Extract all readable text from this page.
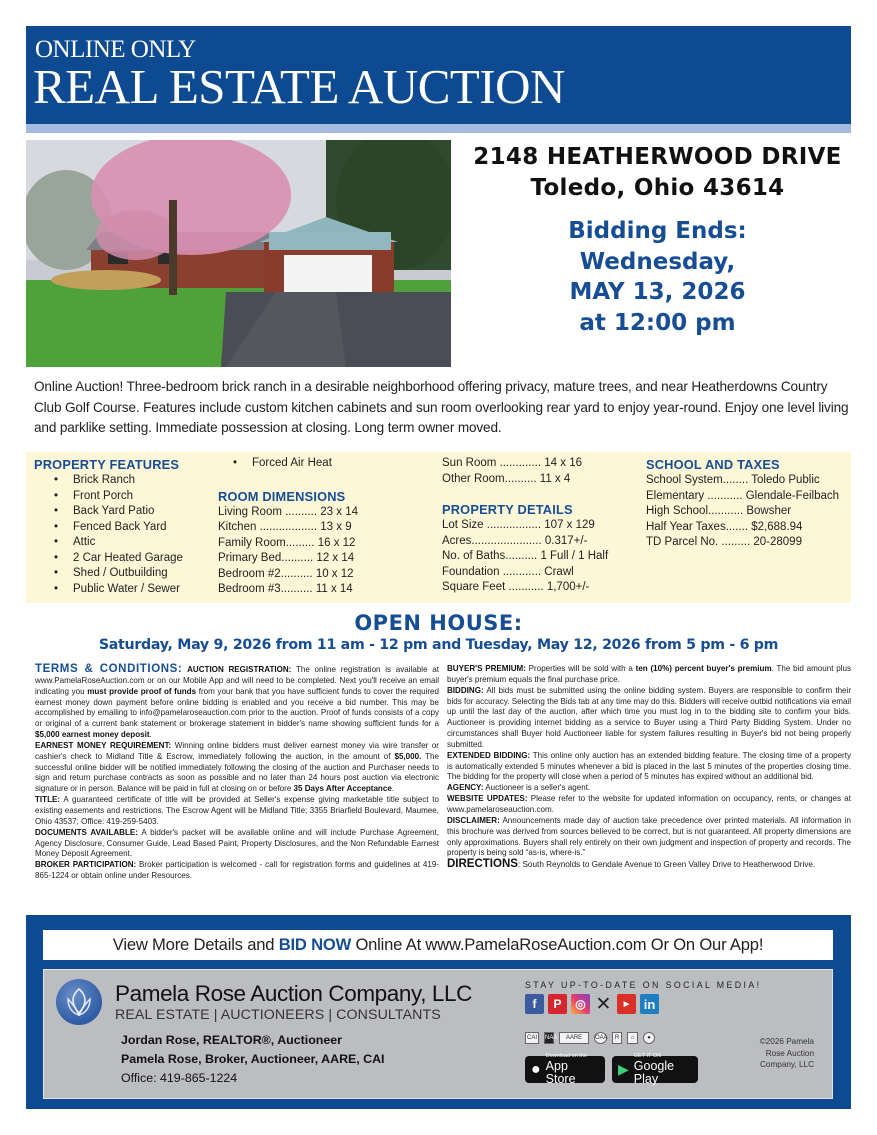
ONLINE ONLY
REAL ESTATE AUCTION
2148 HEATHERWOOD DRIVE
Toledo, Ohio 43614
Bidding Ends:
Wednesday,
MAY 13, 2026
at 12:00 pm
Online Auction! Three-bedroom brick ranch in a desirable neighborhood offering privacy, mature trees, and near Heatherdowns Country Club Golf Course. Features include custom kitchen cabinets and sun room overlooking rear yard to enjoy year-round. Enjoy one level living and parklike setting. Immediate possession at closing. Long term owner moved.
PROPERTY FEATURES
• Brick Ranch
• Front Porch
• Back Yard Patio
• Fenced Back Yard
• Attic
• 2 Car Heated Garage
• Shed / Outbuilding
• Public Water / Sewer
• Forced Air Heat
ROOM DIMENSIONS
Living Room .......... 23 x 14
Kitchen .................. 13 x 9
Family Room......... 16 x 12
Primary Bed.......... 12 x 14
Bedroom #2.......... 10 x 12
Bedroom #3.......... 11 x 14
Sun Room ............. 14 x 16
Other Room.......... 11 x 4
PROPERTY DETAILS
Lot Size ................. 107 x 129
Acres...................... 0.317+/-
No. of Baths.......... 1 Full / 1 Half
Foundation ............ Crawl
Square Feet ........... 1,700+/-
SCHOOL AND TAXES
School System........ Toledo Public
Elementary ........... Glendale-Feilbach
High School........... Bowsher
Half Year Taxes....... $2,688.94
TD Parcel No. ......... 20-28099
OPEN HOUSE:
Saturday, May 9, 2026 from 11 am - 12 pm and Tuesday, May 12, 2026 from 5 pm - 6 pm

TERMS & CONDITIONS: AUCTION REGISTRATION: The online registration is available at www.PamelaRoseAuction.com or on our Mobile App and will need to be completed. Next you'll receive an email indicating you must provide proof of funds from your bank that you have sufficient funds to cover the required earnest money down payment before online bidding is enabled and you receive a bid number. This may be accomplished by emailing to info@pamelaroseauction.com prior to the auction. Proof of funds consists of a copy or original of a current bank statement or brokerage statement in bidder's name showing sufficient funds for a $5,000 earnest money deposit.

EARNEST MONEY REQUIREMENT: Winning online bidders must deliver earnest money via wire transfer or cashier's check to Midland Title & Escrow, immediately following the auction, in the amount of $5,000. The successful online bidder will be notified immediately following the closing of the auction and Purchaser needs to sign and return purchase contracts as soon as possible and no later than 24 hours post auction via electronic signature or in person. Balance will be paid in full at closing on or before 35 Days After Acceptance.

TITLE: A guaranteed certificate of title will be provided at Seller's expense giving marketable title subject to existing easements and restrictions. The Escrow Agent will be Midland Title; 3355 Briarfield Boulevard, Maumee, Ohio 43537; Office: 419-259-5403.

DOCUMENTS AVAILABLE: A bidder's packet will be available online and will include Purchase Agreement, Agency Disclosure, Consumer Guide, Lead Based Paint, Property Disclosures, and the Non Refundable Earnest Money Deposit Agreement.

BROKER PARTICIPATION: Broker participation is welcomed - call for registration forms and guidelines at 419-865-1224 or obtain online under Resources.

BUYER'S PREMIUM: Properties will be sold with a ten (10%) percent buyer's premium. The bid amount plus buyer's premium equals the final purchase price.

BIDDING: All bids must be submitted using the online bidding system. Buyers are responsible to confirm their bids for accuracy. Selecting the Bids tab at any time may do this. Bidders will receive outbid notifications via email up until the last day of the auction, after which time you must log in to the bidding site to confirm your bids. Auctioneer is providing internet bidding as a service to Buyer using a Third Party Bidding System. Under no circumstances shall Buyer hold Auctioneer liable for system failures resulting in Buyer's bid not being properly submitted.

EXTENDED BIDDING: This online only auction has an extended bidding feature. The closing time of a property is automatically extended 5 minutes whenever a bid is placed in the last 5 minutes of the properties closing time. The bidding for the property will close when a period of 5 minutes has expired without an additional bid.

AGENCY: Auctioneer is a seller's agent.

WEBSITE UPDATES: Please refer to the website for updated information on occupancy, rents, or changes at www.pamelaroseauction.com.

DISCLAIMER: Announcements made day of auction take precedence over printed materials. All information in this brochure was derived from sources believed to be correct, but is not guaranteed. All property dimensions are only approximations. Buyers shall rely entirely on their own judgment and inspection of property and records. The property is being sold “as-is, where-is.”

DIRECTIONS: South Reynolds to Gendale Avenue to Green Valley Drive to Heatherwood Drive.

View More Details and BID NOW Online At www.PamelaRoseAuction.com Or On Our App!
Pamela Rose Auction Company, LLC
REAL ESTATE | AUCTIONEERS | CONSULTANTS
Jordan Rose, REALTOR®, Auctioneer
Pamela Rose, Broker, Auctioneer, AARE, CAI
Office: 419-865-1224
STAY UP-TO-DATE ON SOCIAL MEDIA!
f	P	◎ ✕	▶	in
CAI	NAA	AARE	OAA	R	⌂	●
●
Download on the
App Store
▶
GET IT ON
Google Play
©2026 Pamela Rose Auction Company, LLC
